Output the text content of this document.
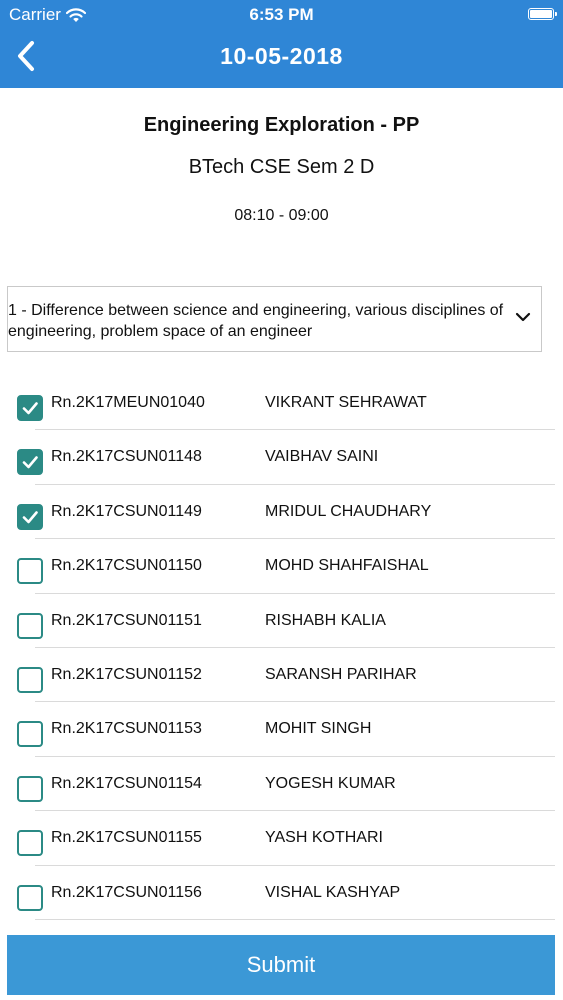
Carrier	6:53 PM
10-05-2018
Engineering Exploration - PP
BTech CSE Sem 2 D
08:10 - 09:00
1 - Difference between science and engineering, various disciplines of engineering, problem space of an engineer
Rn.2K17MEUN01040	VIKRANT SEHRAWAT
Rn.2K17CSUN01148	VAIBHAV SAINI
Rn.2K17CSUN01149	MRIDUL CHAUDHARY
Rn.2K17CSUN01150	MOHD SHAHFAISHAL
Rn.2K17CSUN01151	RISHABH KALIA
Rn.2K17CSUN01152	SARANSH PARIHAR
Rn.2K17CSUN01153	MOHIT SINGH
Rn.2K17CSUN01154	YOGESH KUMAR
Rn.2K17CSUN01155	YASH KOTHARI
Rn.2K17CSUN01156	VISHAL KASHYAP
Submit
